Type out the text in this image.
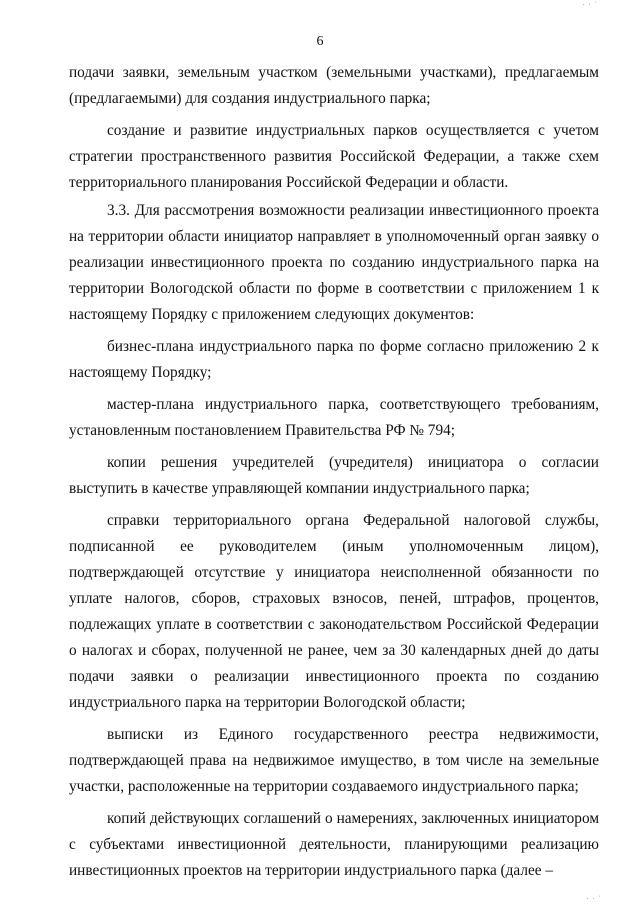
6

подачи заявки, земельным участком (земельными участками), предлагаемым (предлагаемыми) для создания индустриального парка;

создание и развитие индустриальных парков осуществляется с учетом стратегии пространственного развития Российской Федерации, а также схем территориального планирования Российской Федерации и области.

3.3. Для рассмотрения возможности реализации инвестиционного проекта на территории области инициатор направляет в уполномоченный орган заявку о реализации инвестиционного проекта по созданию индустриального парка на территории Вологодской области по форме в соответствии с приложением 1 к настоящему Порядку с приложением следующих документов:

бизнес-плана индустриального парка по форме согласно приложению 2 к настоящему Порядку;

мастер-плана индустриального парка, соответствующего требованиям, установленным постановлением Правительства РФ № 794;

копии решения учредителей (учредителя) инициатора о согласии выступить в качестве управляющей компании индустриального парка;

справки территориального органа Федеральной налоговой службы, подписанной ее руководителем (иным уполномоченным лицом), подтверждающей отсутствие у инициатора неисполненной обязанности по уплате налогов, сборов, страховых взносов, пеней, штрафов, процентов, подлежащих уплате в соответствии с законодательством Российской Федерации о налогах и сборах, полученной не ранее, чем за 30 календарных дней до даты подачи заявки о реализации инвестиционного проекта по созданию индустриального парка на территории Вологодской области;

выписки из Единого государственного реестра недвижимости, подтверждающей права на недвижимое имущество, в том числе на земельные участки, расположенные на территории создаваемого индустриального парка;

копий действующих соглашений о намерениях, заключенных инициатором с субъектами инвестиционной деятельности, планирующими реализацию инвестиционных проектов на территории индустриального парка (далее –

∙ ∙ ˙
∙ ∙ ˙
